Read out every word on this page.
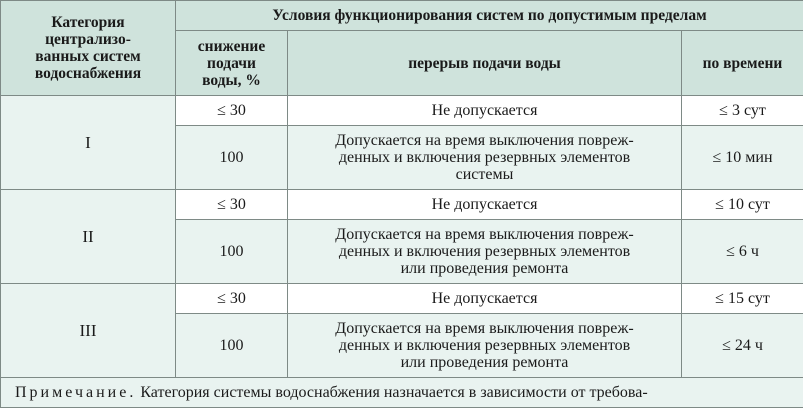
Категория
централизо-
ванных систем
водоснабжения	Условия функционирования систем по допустимым пределам		
	снижение
подачи
воды, %	перерыв подачи воды	по времени
I	≤ 30	Не допускается	≤ 3 сут
	100	Допускается на время выключения повреж-
денных и включения резервных элементов
системы	≤ 10 мин
II	≤ 30	Не допускается	≤ 10 сут
	100	Допускается на время выключения повреж-
денных и включения резервных элементов
или проведения ремонта	≤ 6 ч
III	≤ 30	Не допускается	≤ 15 сут
	100	Допускается на время выключения повреж-
денных и включения резервных элементов
или проведения ремонта	≤ 24 ч
Примечание. Категория системы водоснабжения назначается в зависимости от требова-			
